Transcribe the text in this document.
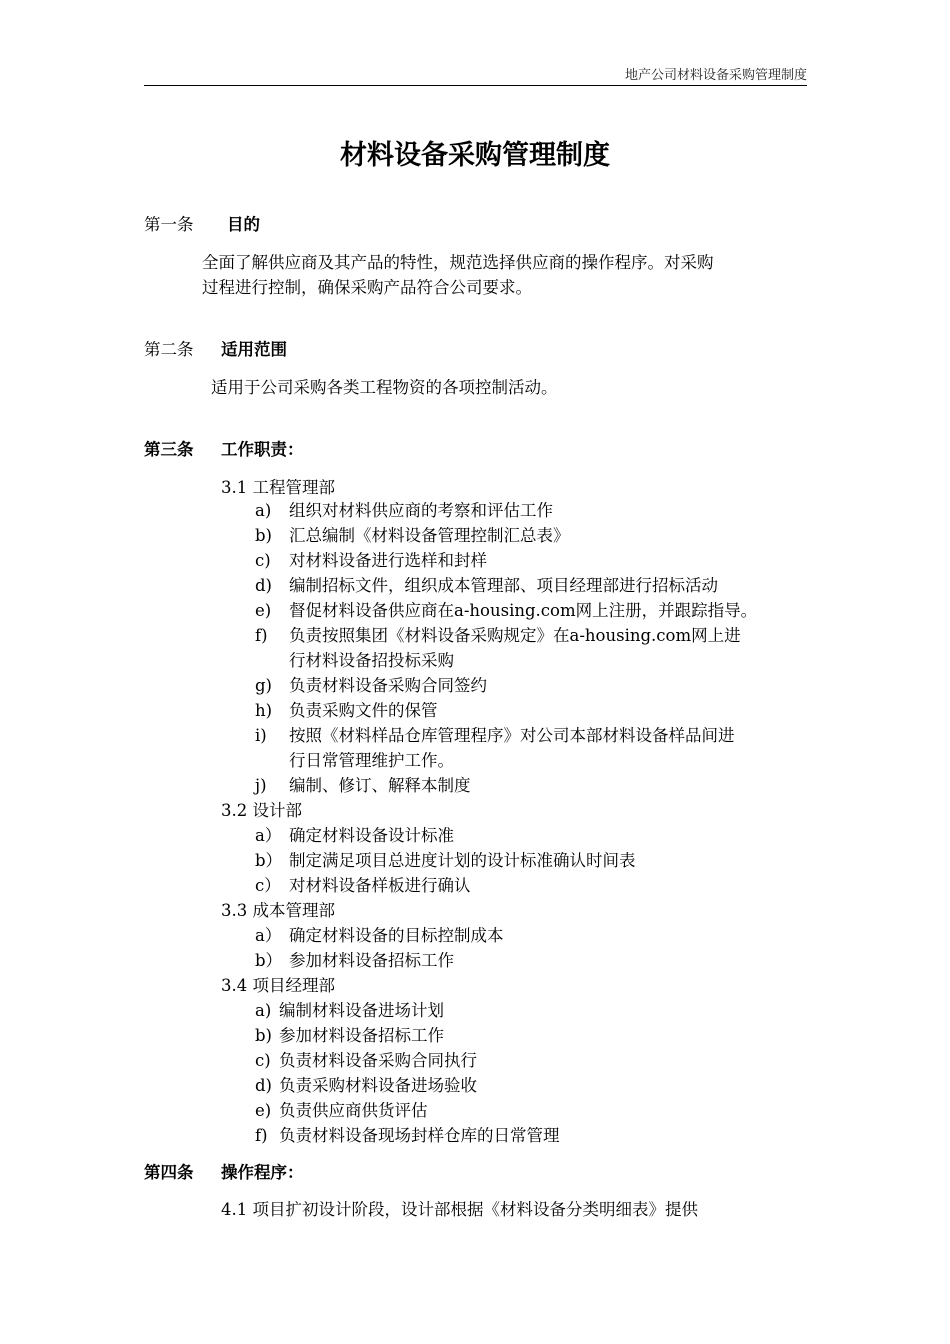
地产公司材料设备采购管理制度
材料设备采购管理制度
第一条 目的
全面了解供应商及其产品的特性，规范选择供应商的操作程序。对采购
过程进行控制，确保采购产品符合公司要求。
第二条 适用范围
适用于公司采购各类工程物资的各项控制活动。
第三条 工作职责：
3.1 工程管理部
a) 组织对材料供应商的考察和评估工作
b) 汇总编制《材料设备管理控制汇总表》
c) 对材料设备进行选样和封样
d) 编制招标文件，组织成本管理部、项目经理部进行招标活动
e) 督促材料设备供应商在a-housing.com网上注册，并跟踪指导。
f) 负责按照集团《材料设备采购规定》在a-housing.com网上进
行材料设备招投标采购
g) 负责材料设备采购合同签约
h) 负责采购文件的保管
i) 按照《材料样品仓库管理程序》对公司本部材料设备样品间进
行日常管理维护工作。
j) 编制、修订、解释本制度
3.2 设计部
a） 确定材料设备设计标准
b） 制定满足项目总进度计划的设计标准确认时间表
c） 对材料设备样板进行确认
3.3 成本管理部
a） 确定材料设备的目标控制成本
b） 参加材料设备招标工作
3.4 项目经理部
a) 编制材料设备进场计划
b) 参加材料设备招标工作
c) 负责材料设备采购合同执行
d) 负责采购材料设备进场验收
e) 负责供应商供货评估
f) 负责材料设备现场封样仓库的日常管理
第四条 操作程序：
4.1 项目扩初设计阶段，设计部根据《材料设备分类明细表》提供
